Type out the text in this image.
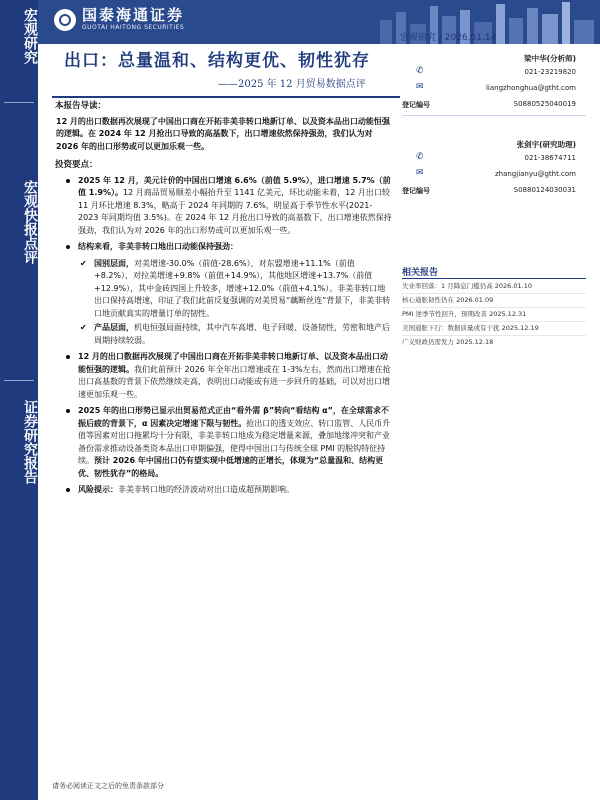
宏观研究
宏观快报点评
证券研究报告
国泰海通证券
GUOTAI HAITONG SECURITIES
宏观研究 / 2026.01.14
出口：总量温和、结构更优、韧性犹存
——2025 年 12 月贸易数据点评
梁中华(分析师)
✆	021-23219820
✉	liangzhonghua@gtht.com
登记编号	S0880525040019
张剑宇(研究助理)
✆	021-38674711
✉	zhangjianyu@gtht.com
登记编号	S0880124030031
相关报告
失业率回落：1 月降息门槛仍高 2026.01.10
核心通胀韧性仍在 2026.01.09
PMI 逆季节性回升，预期改善 2025.12.31
美国通胀下行：数据质量或有干扰 2025.12.19
广义财政仍需发力 2025.12.18
本报告导读：
12 月的出口数据再次展现了中国出口商在开拓非美非转口地新订单、以及资本品出口动能恒强的逻辑。在 2024 年 12 月抢出口导致的高基数下，出口增速依然保持强劲，我们认为对 2026 年的出口形势或可以更加乐观一些。
投资要点：
2025 年 12 月，美元计价的中国出口增速 6.6%（前值 5.9%），进口增速 5.7%（前值 1.9%）。12 月商品贸易顺差小幅抬升至 1141 亿美元，环比动能未着，12 月出口较 11 月环比增速 8.3%，略高于 2024 年同期的 7.6%，明显高于季节性水平(2021-2023 年同期均值 3.5%)。在 2024 年 12 月抢出口导致的高基数下，出口增速依然保持强劲，我们认为对 2026 年的出口形势或可以更加乐观一些。
结构来看，非美非转口地出口动能保持强劲：
✔ 国别层面，对美增速-30.0%（前值-28.6%），对东盟增速+11.1%（前值+8.2%），对拉美增速+9.8%（前值+14.9%），其他地区增速+13.7%（前值+12.9%），其中金砖四国上升较多，增速+12.0%（前值+4.1%）。非美非转口地出口保持高增速，印证了我们此前反复强调的对美贸易“藕断丝连”背景下，非美非转口地贡献真实的增量订单的韧性。
✔ 产品层面，机电恒强局面持续，其中汽车高增、电子回暖、设备韧性，劳密和地产后周期持续较弱。
12 月的出口数据再次展现了中国出口商在开拓非美非转口地新订单、以及资本品出口动能恒强的逻辑。我们此前预计 2026 年全年出口增速或在 1-3%左右，然而出口增速在抢出口高基数的背景下依然继续走高，表明出口动能或有进一步回升的基础，可以对出口增速更加乐观一些。
2025 年的出口形势已显示出贸易范式正由“看外需 β”转向“看结构 α”，在全球需求不振后疲的背景下，α 因素决定增速下限与韧性。抢出口的透支效应、转口监管、人民币升值等因素对出口拖累均十分有限，非美非转口地成为稳定增量来源，叠加地缘冲突和产业备份需求推动设备类资本品出口申期偏强，使得中国出口与传统全球 PMI 的脱钩特征持续。预计 2026 年中国出口仍有望实现中低增速的正增长，体现为“总量温和、结构更优、韧性犹存”的格局。
风险提示：非美非转口地的经济波动对出口造成超预期影响。
请务必阅读正文之后的免责条款部分
